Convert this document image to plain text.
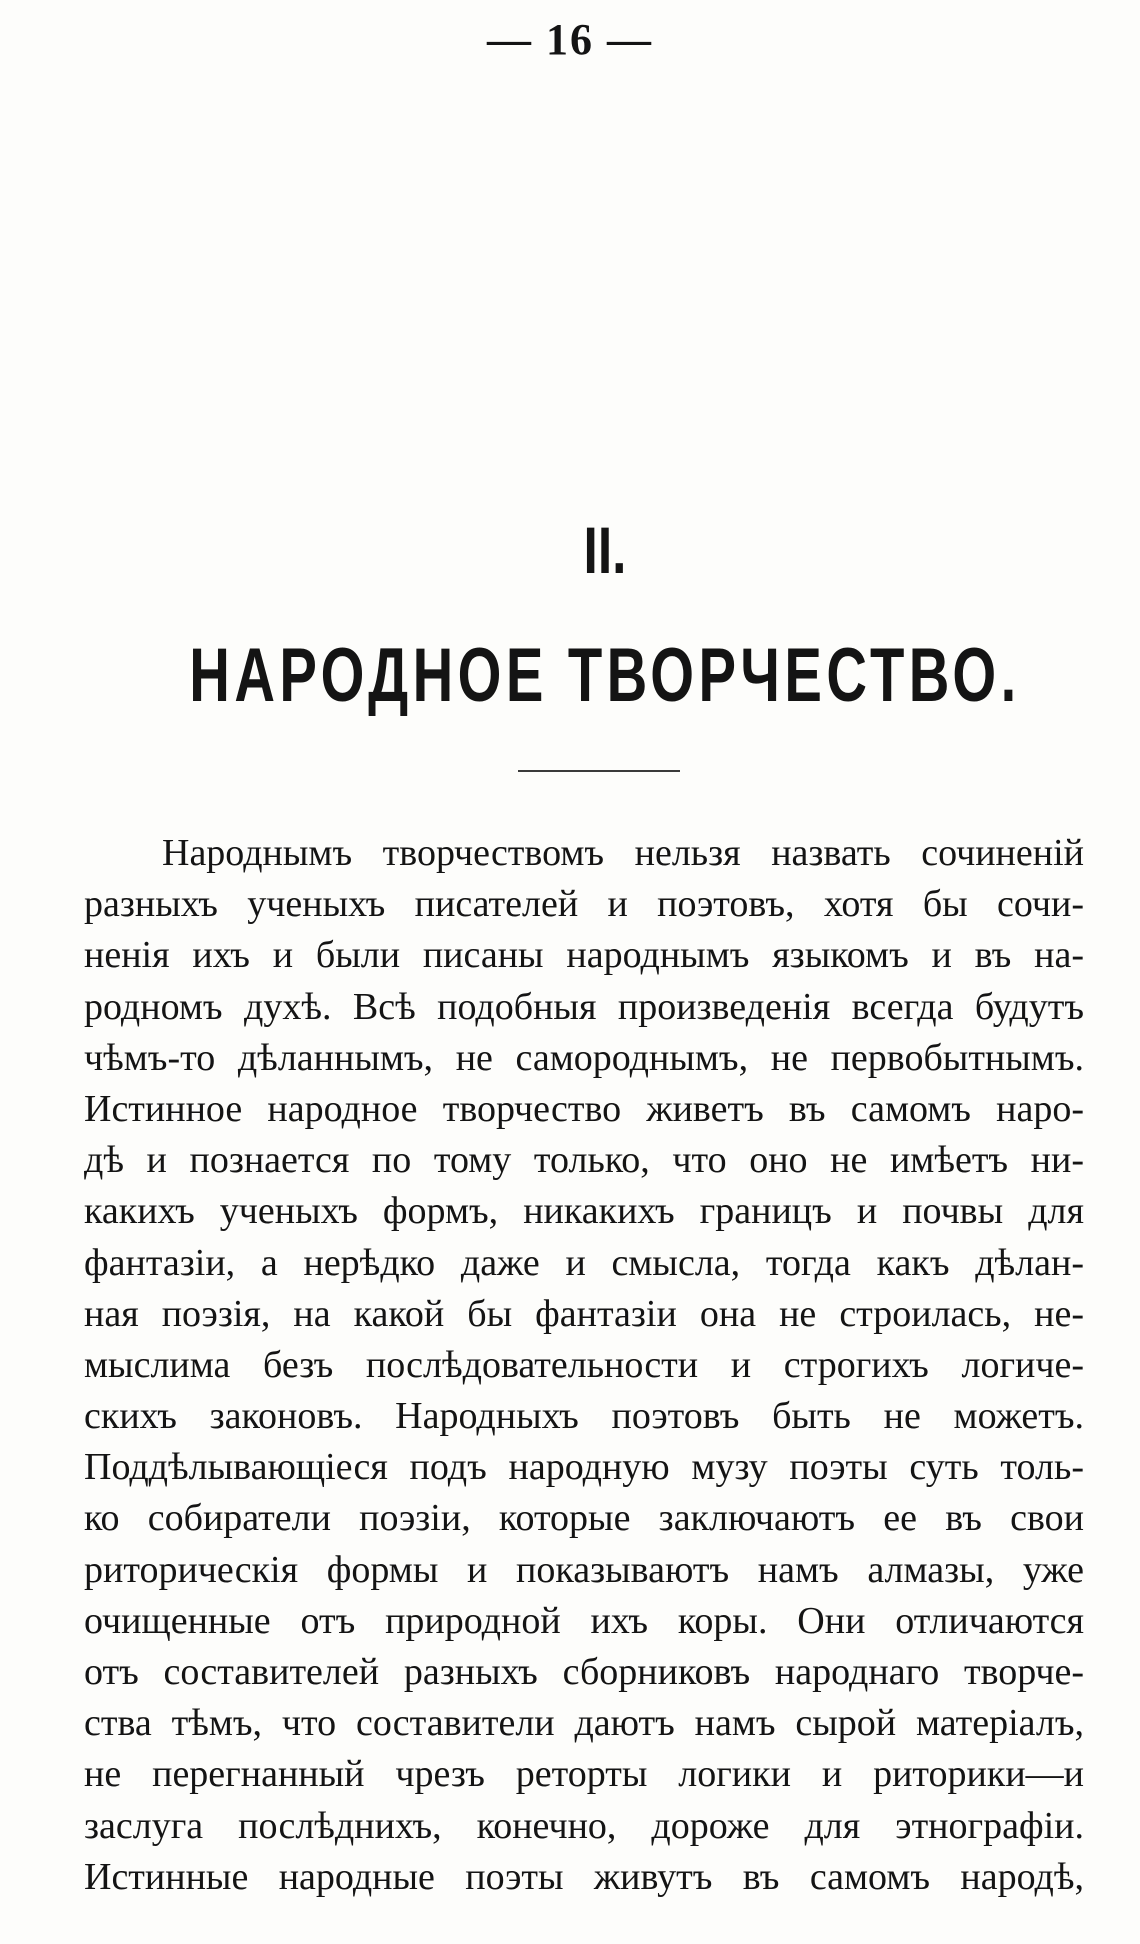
— 16 —
II.
НАРОДНОЕ ТВОРЧЕСТВО.
Народнымъ творчествомъ нельзя назвать сочиненій
разныхъ ученыхъ писателей и поэтовъ, хотя бы сочи-
ненія ихъ и были писаны народнымъ языкомъ и въ на-
родномъ духѣ. Всѣ подобныя произведенія всегда будутъ
чѣмъ-то дѣланнымъ, не самороднымъ, не первобытнымъ.
Истинное народное творчество живетъ въ самомъ наро-
дѣ и познается по тому только, что оно не имѣетъ ни-
какихъ ученыхъ формъ, никакихъ границъ и почвы для
фантазіи, а нерѣдко даже и смысла, тогда какъ дѣлан-
ная поэзія, на какой бы фантазіи она не строилась, не-
мыслима безъ послѣдовательности и строгихъ логиче-
скихъ законовъ. Народныхъ поэтовъ быть не можетъ.
Поддѣлывающіеся подъ народную музу поэты суть толь-
ко собиратели поэзіи, которые заключаютъ ее въ свои
риторическія формы и показываютъ намъ алмазы, уже
очищенные отъ природной ихъ коры. Они отличаются
отъ составителей разныхъ сборниковъ народнаго творче-
ства тѣмъ, что составители даютъ намъ сырой матеріалъ,
не перегнанный чрезъ реторты логики и риторики—и
заслуга послѣднихъ, конечно, дороже для этнографіи.
Истинные народные поэты живутъ въ самомъ народѣ,
